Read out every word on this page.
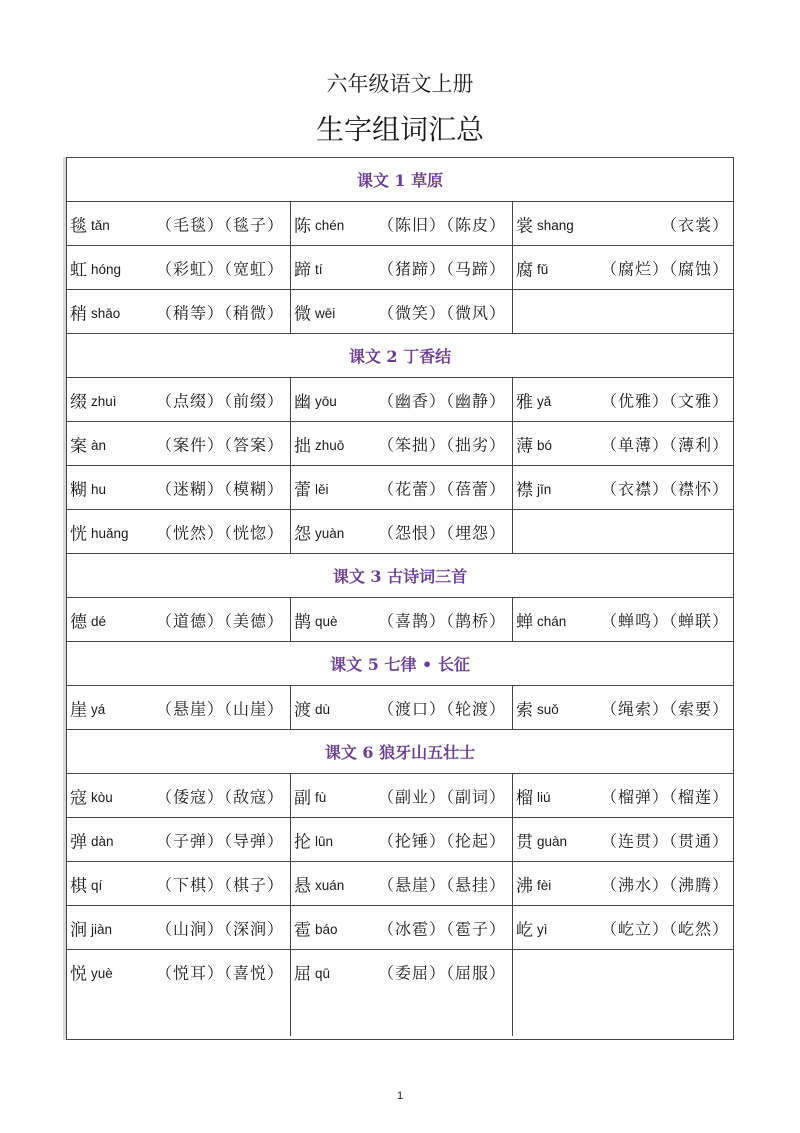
六年级语文上册
生字组词汇总
课文 1 草原
毯 tǎn	（毛毯）（毯子） 陈 chén （陈旧）（陈皮） 裳 shang	（衣裳）
虹 hóng （彩虹）（宽虹） 蹄 tí	（猪蹄）（马蹄） 腐 fǔ	（腐烂）（腐蚀）
稍 shāo （稍等）（稍微） 微 wēi	（微笑）（微风）
课文 2 丁香结
缀 zhuì （点缀）（前缀） 幽 yōu	（幽香）（幽静） 雅 yǎ	（优雅）（文雅）
案 àn	（案件）（答案） 拙 zhuō （笨拙）（拙劣） 薄 bó	（单薄）（薄利）
糊 hu	（迷糊）（模糊） 蕾 lěi	（花蕾）（蓓蕾） 襟 jīn	（衣襟）（襟怀）
恍 huǎng （恍然）（恍惚） 怨 yuàn （怨恨）（埋怨）
课文 3 古诗词三首
德 dé	（道德）（美德） 鹊 què	（喜鹊）（鹊桥） 蝉 chán （蝉鸣）（蝉联）
课文 5 七律 • 长征
崖 yá	（悬崖）（山崖） 渡 dù	（渡口）（轮渡） 索 suǒ	（绳索）（索要）
课文 6 狼牙山五壮士
寇 kòu	（倭寇）（敌寇） 副 fù	（副业）（副词） 榴 liú	（榴弹）（榴莲）
弹 dàn	（子弹）（导弹） 抡 lūn	（抡锤）（抡起） 贯 guàn （连贯）（贯通）
棋 qí	（下棋）（棋子） 悬 xuán （悬崖）（悬挂） 沸 fèi	（沸水）（沸腾）
涧 jiàn	（山涧）（深涧） 雹 báo	（冰雹）（雹子） 屹 yì	（屹立）（屹然）
悦 yuè	（悦耳）（喜悦） 屈 qū	（委屈）（屈服）
1
